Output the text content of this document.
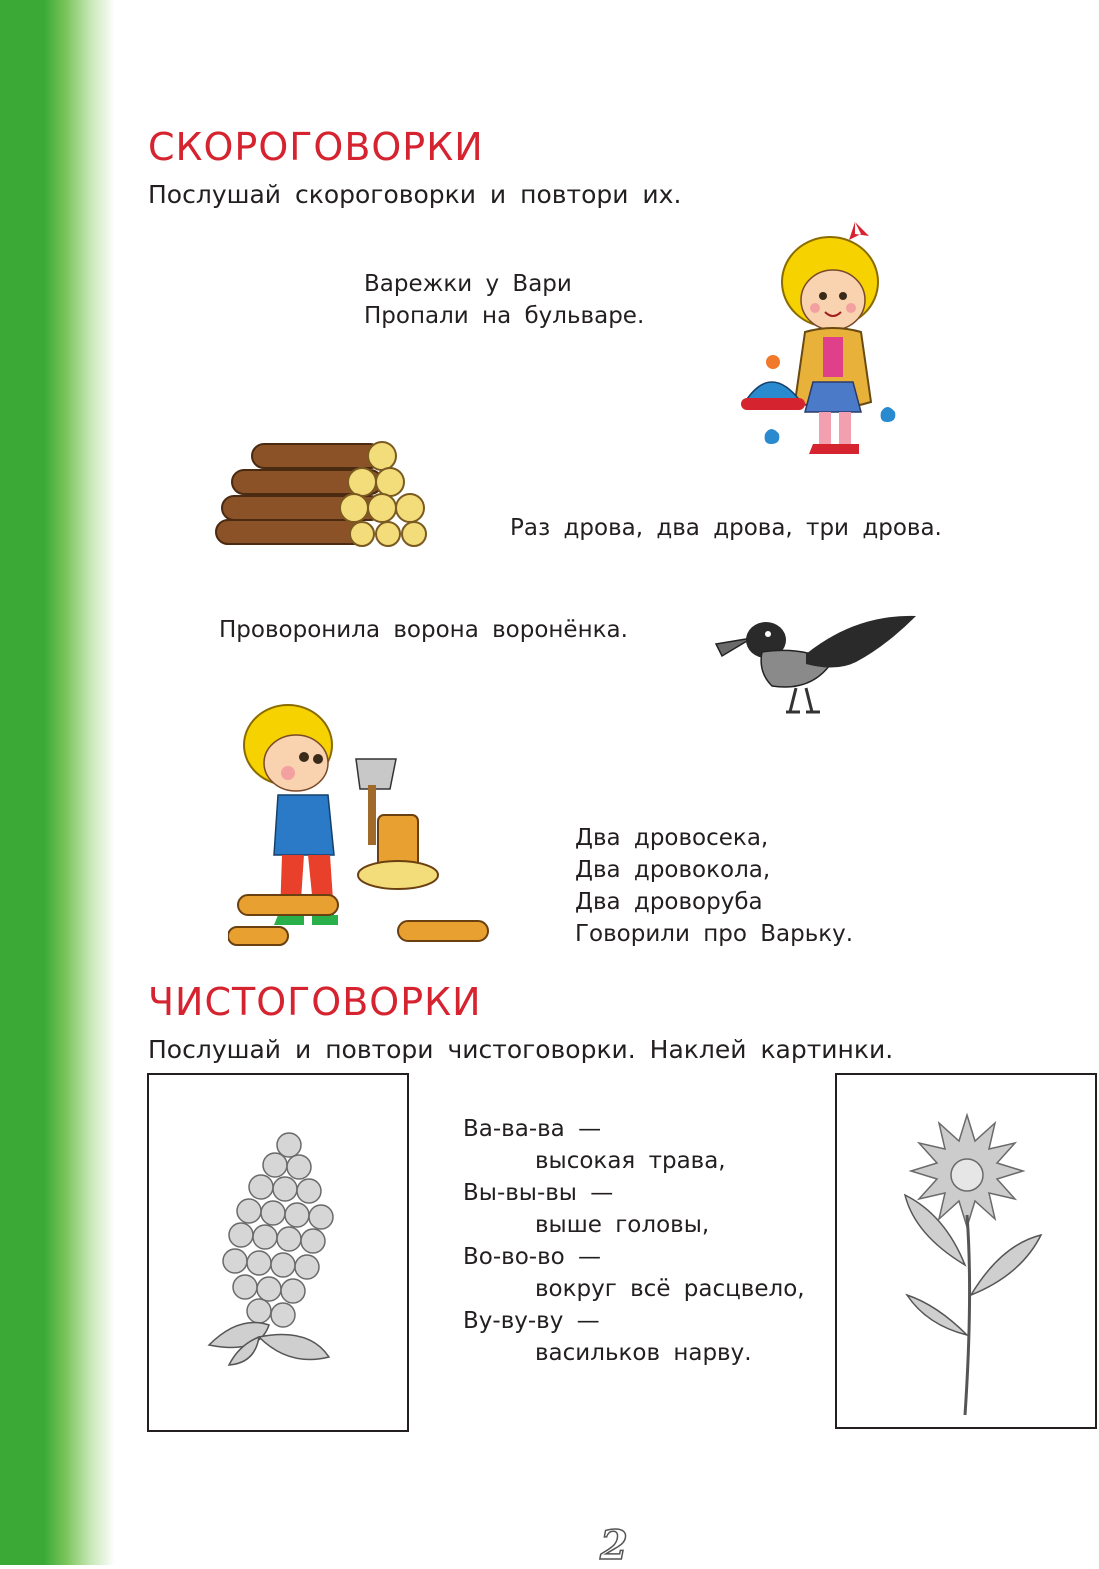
СКОРОГОВОРКИ
Послушай скороговорки и повтори их.
Варежки у Вари
Пропали на бульваре.
Раз дрова, два дрова, три дрова.
Проворонила ворона воронёнка.
Два дровосека,
Два дровокола,
Два дроворуба
Говорили про Варьку.
ЧИСТОГОВОРКИ
Послушай и повтори чистоговорки. Наклей картинки.
Ва-ва-ва —
высокая трава,
Вы-вы-вы —
выше головы,
Во-во-во —
вокруг всё расцвело,
Ву-ву-ву —
васильков нарву.
2
